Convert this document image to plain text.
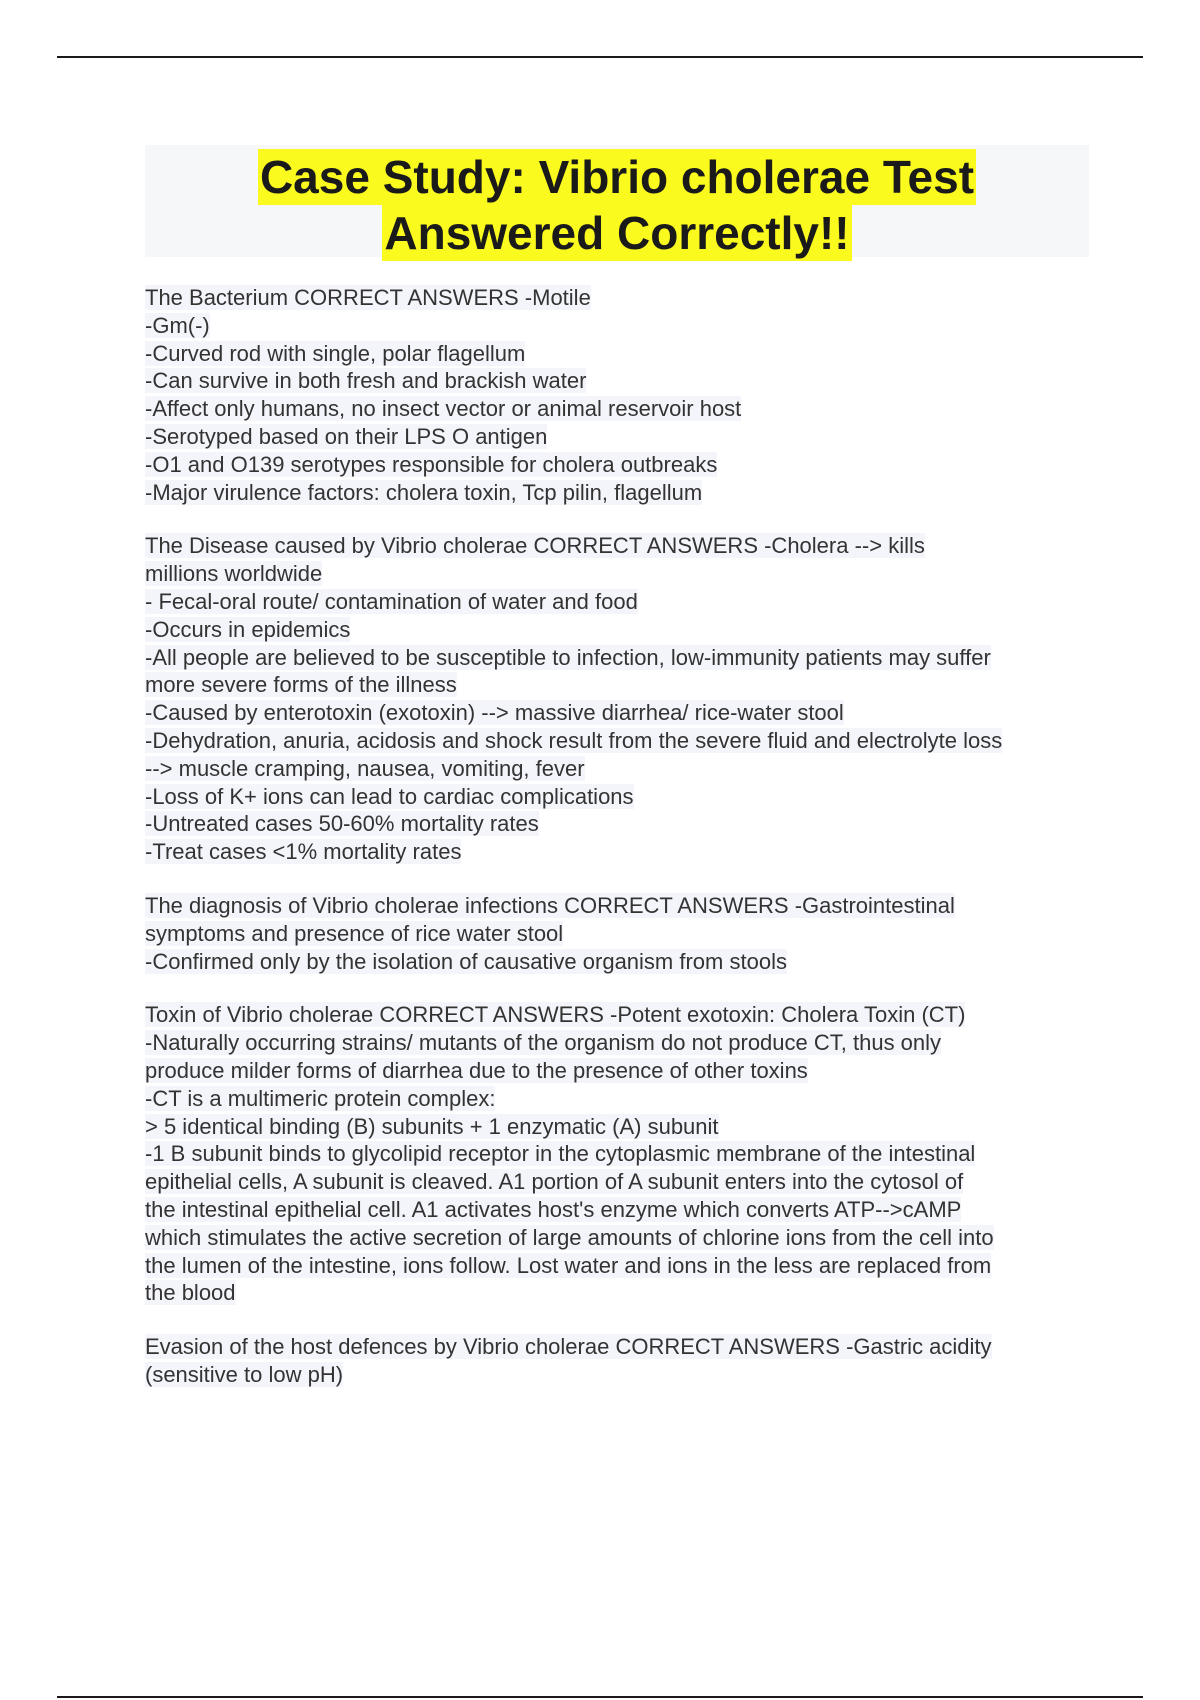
Case Study: Vibrio cholerae Test
Answered Correctly!!
The Bacterium CORRECT ANSWERS -Motile
-Gm(-)
-Curved rod with single, polar flagellum
-Can survive in both fresh and brackish water
-Affect only humans, no insect vector or animal reservoir host
-Serotyped based on their LPS O antigen
-O1 and O139 serotypes responsible for cholera outbreaks
-Major virulence factors: cholera toxin, Tcp pilin, flagellum
The Disease caused by Vibrio cholerae CORRECT ANSWERS -Cholera --> kills
millions worldwide
- Fecal-oral route/ contamination of water and food
-Occurs in epidemics
-All people are believed to be susceptible to infection, low-immunity patients may suffer
more severe forms of the illness
-Caused by enterotoxin (exotoxin) --> massive diarrhea/ rice-water stool
-Dehydration, anuria, acidosis and shock result from the severe fluid and electrolyte loss
--> muscle cramping, nausea, vomiting, fever
-Loss of K+ ions can lead to cardiac complications
-Untreated cases 50-60% mortality rates
-Treat cases <1% mortality rates
The diagnosis of Vibrio cholerae infections CORRECT ANSWERS -Gastrointestinal
symptoms and presence of rice water stool
-Confirmed only by the isolation of causative organism from stools
Toxin of Vibrio cholerae CORRECT ANSWERS -Potent exotoxin: Cholera Toxin (CT)
-Naturally occurring strains/ mutants of the organism do not produce CT, thus only
produce milder forms of diarrhea due to the presence of other toxins
-CT is a multimeric protein complex:
> 5 identical binding (B) subunits + 1 enzymatic (A) subunit
-1 B subunit binds to glycolipid receptor in the cytoplasmic membrane of the intestinal
epithelial cells, A subunit is cleaved. A1 portion of A subunit enters into the cytosol of
the intestinal epithelial cell. A1 activates host's enzyme which converts ATP-->cAMP
which stimulates the active secretion of large amounts of chlorine ions from the cell into
the lumen of the intestine, ions follow. Lost water and ions in the less are replaced from
the blood
Evasion of the host defences by Vibrio cholerae CORRECT ANSWERS -Gastric acidity
(sensitive to low pH)
